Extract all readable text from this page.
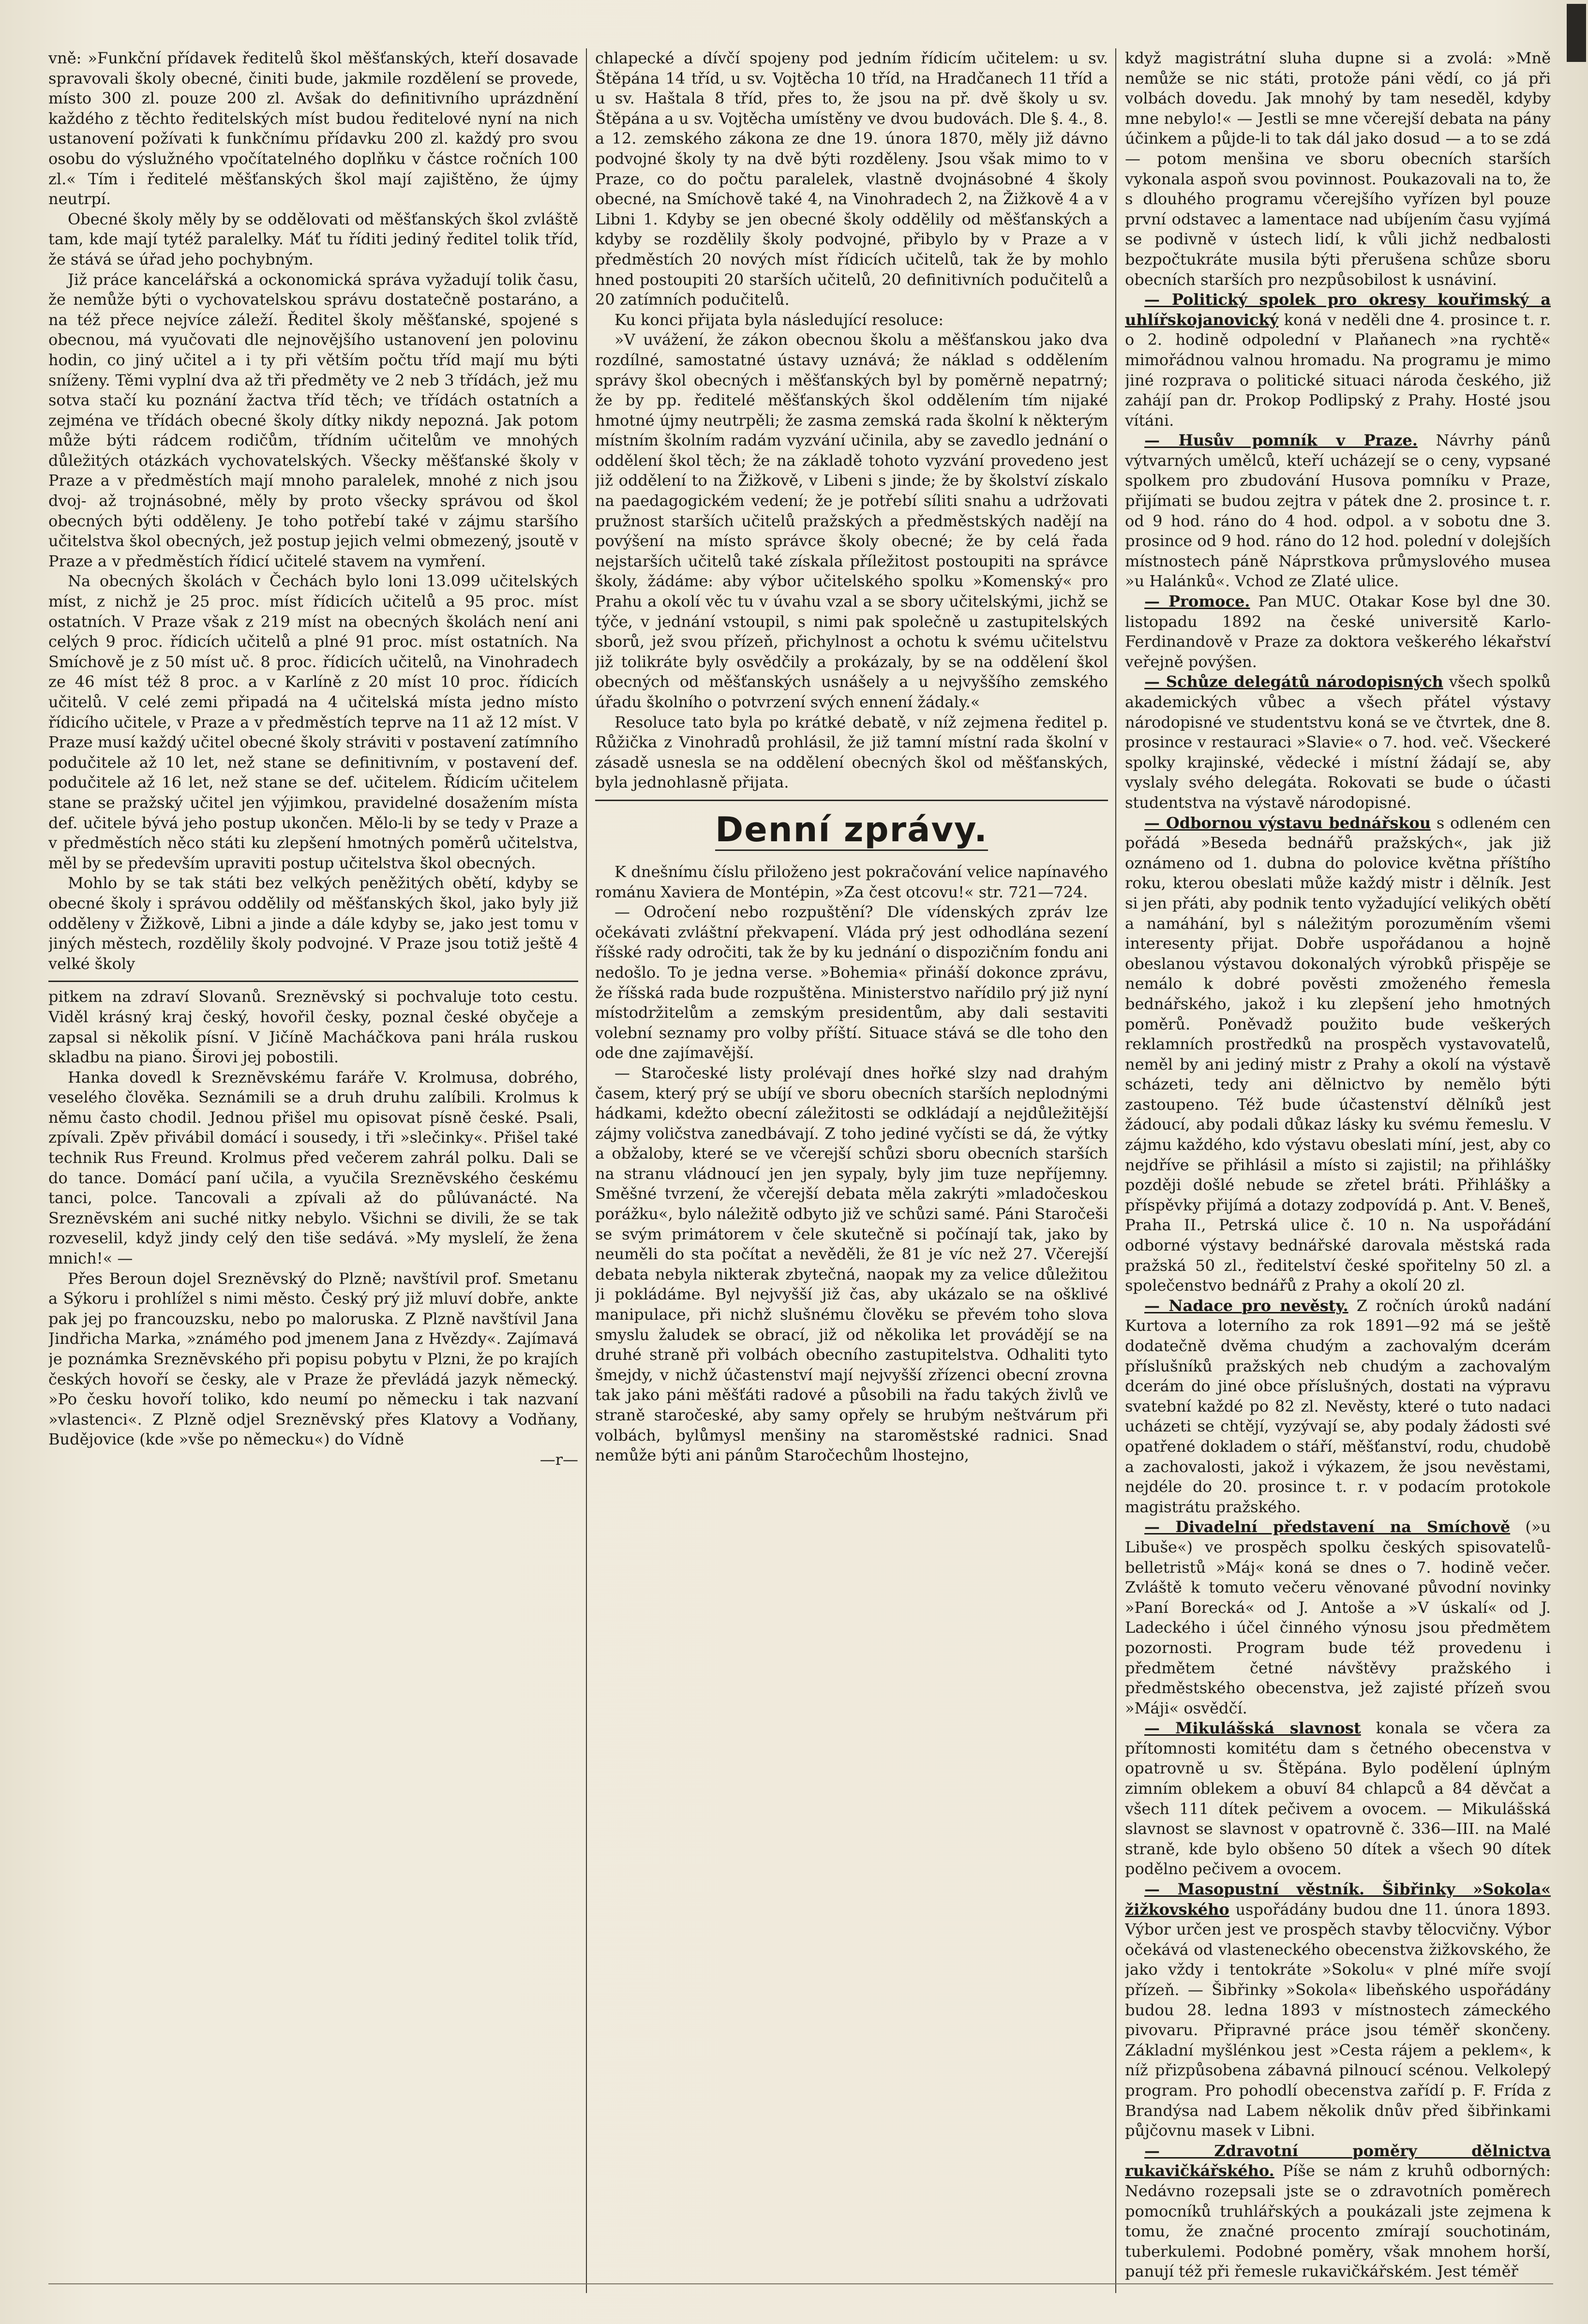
vně: »Funkční přídavek ředitelů škol měšťanských, kteří dosavade spravovali školy obecné, činiti bude, jakmile rozdělení se provede, místo 300 zl. pouze 200 zl. Avšak do definitivního uprázdnění každého z těchto ředitelských míst budou ředitelové nyní na nich ustanovení požívati k funkčnímu přídavku 200 zl. každý pro svou osobu do výslužného vpočítatelného doplňku v částce ročních 100 zl.« Tím i ředitelé měšťanských škol mají zajištěno, že újmy neutrpí.

Obecné školy měly by se oddělovati od měšťanských škol zvláště tam, kde mají tytéž paralelky. Máť tu říditi jediný ředitel tolik tříd, že stává se úřad jeho pochybným.

Již práce kancelářská a ockonomická správa vyžadují tolik času, že nemůže býti o vychovatelskou správu dostatečně postaráno, a na též přece nejvíce záleží. Ředitel školy měšťanské, spojené s obecnou, má vyučovati dle nejnovějšího ustanovení jen polovinu hodin, co jiný učitel a i ty při větším počtu tříd mají mu býti sníženy. Těmi vyplní dva až tři předměty ve 2 neb 3 třídách, jež mu sotva stačí ku poznání žactva tříd těch; ve třídách ostatních a zejména ve třídách obecné školy dítky nikdy nepozná. Jak potom může býti rádcem rodičům, třídním učitelům ve mnohých důležitých otázkách vychovatelských. Všecky měšťanské školy v Praze a v předměstích mají mnoho paralelek, mnohé z nich jsou dvoj- až trojnásobné, měly by proto všecky správou od škol obecných býti odděleny. Je toho potřebí také v zájmu staršího učitelstva škol obecných, jež postup jejich velmi obmezený, jsoutě v Praze a v předměstích řídicí učitelé stavem na vymření.

Na obecných školách v Čechách bylo loni 13.099 učitelských míst, z nichž je 25 proc. míst řídicích učitelů a 95 proc. míst ostatních. V Praze však z 219 míst na obecných školách není ani celých 9 proc. řídicích učitelů a plné 91 proc. míst ostatních. Na Smíchově je z 50 míst uč. 8 proc. řídicích učitelů, na Vinohradech ze 46 míst též 8 proc. a v Karlíně z 20 míst 10 proc. řídicích učitelů. V celé zemi připadá na 4 učitelská místa jedno místo řídicího učitele, v Praze a v předměstích teprve na 11 až 12 míst. V Praze musí každý učitel obecné školy stráviti v postavení zatímního podučitele až 10 let, než stane se definitivním, v postavení def. podučitele až 16 let, než stane se def. učitelem. Řídicím učitelem stane se pražský učitel jen výjimkou, pravidelné dosažením místa def. učitele bývá jeho postup ukončen. Mělo-li by se tedy v Praze a v předměstích něco státi ku zlepšení hmotných poměrů učitelstva, měl by se především upraviti postup učitelstva škol obecných.

Mohlo by se tak státi bez velkých peněžitých obětí, kdyby se obecné školy i správou oddělily od měšťanských škol, jako byly již odděleny v Žižkově, Libni a jinde a dále kdyby se, jako jest tomu v jiných městech, rozdělily školy podvojné. V Praze jsou totiž ještě 4 velké školy

pitkem na zdraví Slovanů. Sreznĕvský si pochvaluje toto cestu. Viděl krásný kraj český, hovořil česky, poznal české obyčeje a zapsal si několik písní. V Jičíně Macháčkova pani hrála ruskou skladbu na piano. Širovi jej pobostili.

Hanka dovedl k Sreznĕvskému faráře V. Krolmusa, dobrého, veselého člověka. Seznámili se a druh druhu zalíbili. Krolmus k němu často chodil. Jednou přišel mu opisovat písně české. Psali, zpívali. Zpěv přivábil domácí i sousedy, i tři »slečinky«. Přišel také technik Rus Freund. Krolmus před večerem zahrál polku. Dali se do tance. Domácí paní učila, a vyučila Sreznĕvského českému tanci, polce. Tancovali a zpívali až do půlúvanácté. Na Sreznĕvském ani suché nitky nebylo. Všichni se divili, že se tak rozveselil, když jindy celý den tiše sedává. »My myslelí, že žena mnich!« —

Přes Beroun dojel Sreznĕvský do Plzně; navštívil prof. Smetanu a Sýkoru i prohlížel s nimi město. Český prý již mluví dobře, ankte pak jej po francouzsku, nebo po maloruska. Z Plzně navštívil Jana Jindřicha Marka, »známého pod jmenem Jana z Hvězdy«. Zajímavá je poznámka Sreznĕvského při popisu pobytu v Plzni, že po krajích českých hovoří se česky, ale v Praze že převládá jazyk německý. »Po česku hovoří toliko, kdo neumí po německu i tak nazvaní »vlastenci«. Z Plzně odjel Sreznĕvský přes Klatovy a Vodňany, Budějovice (kde »vše po německu«) do Vídně

—r—

chlapecké a dívčí spojeny pod jedním řídicím učitelem: u sv. Štěpána 14 tříd, u sv. Vojtěcha 10 tříd, na Hradčanech 11 tříd a u sv. Haštala 8 tříd, přes to, že jsou na př. dvě školy u sv. Štěpána a u sv. Vojtěcha umístěny ve dvou budovách. Dle §. 4., 8. a 12. zemského zákona ze dne 19. února 1870, měly již dávno podvojné školy ty na dvě býti rozděleny. Jsou však mimo to v Praze, co do počtu paralelek, vlastně dvojnásobné 4 školy obecné, na Smíchově také 4, na Vinohradech 2, na Žižkově 4 a v Libni 1. Kdyby se jen obecné školy oddělily od měšťanských a kdyby se rozdělily školy podvojné, přibylo by v Praze a v předměstích 20 nových míst řídicích učitelů, tak že by mohlo hned postoupiti 20 starších učitelů, 20 definitivních podučitelů a 20 zatímních podučitelů.

Ku konci přijata byla následující resoluce:

»V uvážení, že zákon obecnou školu a měšťanskou jako dva rozdílné, samostatné ústavy uznává; že náklad s oddělením správy škol obecných i měšťanských byl by poměrně nepatrný; že by pp. ředitelé měšťanských škol oddělením tím nijaké hmotné újmy neutrpěli; že zasma zemská rada školní k některým místním školním radám vyzvání učinila, aby se zavedlo jednání o oddělení škol těch; že na základě tohoto vyzvání provedeno jest již oddělení to na Žižkově, v Libeni s jinde; že by školství získalo na paedagogickém vedení; že je potřebí síliti snahu a udržovati pružnost starších učitelů pražských a předměstských nadějí na povýšení na místo správce školy obecné; že by celá řada nejstarších učitelů také získala příležitost postoupiti na správce školy, žádáme: aby výbor učitelského spolku »Komenský« pro Prahu a okolí věc tu v úvahu vzal a se sbory učitelskými, jichž se týče, v jednání vstoupil, s nimi pak společně u zastupitelských sborů, jež svou přízeň, přichylnost a ochotu k svému učitelstvu již tolikráte byly osvědčily a prokázaly, by se na oddělení škol obecných od měšťanských usnášely a u nejvyššího zemského úřadu školního o potvrzení svých ennení žádaly.«

Resoluce tato byla po krátké debatě, v níž zejmena ředitel p. Růžička z Vinohradů prohlásil, že již tamní místní rada školní v zásadě usnesla se na oddělení obecných škol od měšťanských, byla jednohlasně přijata.

Denní zprávy.

K dnešnímu číslu přiloženo jest pokračování velice napínavého románu Xaviera de Montépin, »Za čest otcovu!« str. 721—724.

— Odročení nebo rozpuštění? Dle vídenských zpráv lze očekávati zvláštní překvapení. Vláda prý jest odhodlána sezení říšské rady odročiti, tak že by ku jednání o dispozičním fondu ani nedošlo. To je jedna verse. »Bohemia« přináší dokonce zprávu, že říšská rada bude rozpuštěna. Ministerstvo nařídilo prý již nyní místodržitelům a zemským presidentům, aby dali sestaviti volební seznamy pro volby příští. Situace stává se dle toho den ode dne zajímavější.

— Staročeské listy prolévají dnes hořké slzy nad drahým časem, který prý se ubíjí ve sboru obecních starších neplodnými hádkami, kdežto obecní záležitosti se odkládají a nejdůležitější zájmy voličstva zanedbávají. Z toho jediné vyčísti se dá, že výtky a obžaloby, které se ve včerejší schůzi sboru obecních starších na stranu vládnoucí jen jen sypaly, byly jim tuze nepříjemny. Směšné tvrzení, že včerejší debata měla zakrýti »mladočeskou porážku«, bylo náležitě odbyto již ve schůzi samé. Páni Staročeši se svým primátorem v čele skutečně si počínají tak, jako by neuměli do sta počítat a nevěděli, že 81 je víc než 27. Včerejší debata nebyla nikterak zbytečná, naopak my za velice důležitou ji pokládáme. Byl nejvyšší již čas, aby ukázalo se na ošklivé manipulace, při nichž slušnému člověku se převém toho slova smyslu žaludek se obrací, již od několika let provádějí se na druhé straně při volbách obecního zastupitelstva. Odhaliti tyto šmejdy, v nichž účastenství mají nejvyšší zřízenci obecní zrovna tak jako páni měšťáti radové a působili na řadu takých živlů ve straně staročeské, aby samy opřely se hrubým neštvárum při volbách, bylůmysl menšiny na staroměstské radnici. Snad nemůže býti ani pánům Staročechům lhostejno,

když magistrátní sluha dupne si a zvolá: »Mně nemůže se nic státi, protože páni vědí, co já při volbách dovedu. Jak mnohý by tam neseděl, kdyby mne nebylo!« — Jestli se mne včerejší debata na pány účinkem a půjde-li to tak dál jako dosud — a to se zdá — potom menšina ve sboru obecních starších vykonala aspoň svou povinnost. Poukazovali na to, že s dlouhého programu včerejšího vyřízen byl pouze první odstavec a lamentace nad ubíjením času vyjímá se podivně v ústech lidí, k vůli jichž nedbalosti bezpočtukráte musila býti přerušena schůze sboru obecních starších pro nezpůsobilost k usnáviní.

— Politický spolek pro okresy kouřimský a uhlířskojanovický koná v neděli dne 4. prosince t. r. o 2. hodině odpolední v Plaňanech »na rychtě« mimořádnou valnou hromadu. Na programu je mimo jiné rozprava o politické situaci národa českého, již zahájí pan dr. Prokop Podlipský z Prahy. Hosté jsou vítáni.

— Husův pomník v Praze. Návrhy pánů výtvarných umělců, kteří ucházejí se o ceny, vypsané spolkem pro zbudování Husova pomníku v Praze, přijímati se budou zejtra v pátek dne 2. prosince t. r. od 9 hod. ráno do 4 hod. odpol. a v sobotu dne 3. prosince od 9 hod. ráno do 12 hod. polední v dolejších místnostech páně Náprstkova průmyslového musea »u Halánků«. Vchod ze Zlaté ulice.

— Promoce. Pan MUC. Otakar Kose byl dne 30. listopadu 1892 na české universitě Karlo-Ferdinandově v Praze za doktora veškerého lékařství veřejně povýšen.

— Schůze delegátů národopisných všech spolků akademických vůbec a všech přátel výstavy národopisné ve studentstvu koná se ve čtvrtek, dne 8. prosince v restauraci »Slavie« o 7. hod. več. Všeckeré spolky krajinské, vědecké i místní žádají se, aby vyslaly svého delegáta. Rokovati se bude o účasti studentstva na výstavě národopisné.

— Odbornou výstavu bednářskou s odleném cen pořádá »Beseda bednářů pražských«, jak již oznámeno od 1. dubna do polovice května příštího roku, kterou obeslati může každý mistr i dělník. Jest si jen přáti, aby podnik tento vyžadující velikých obětí a namáhání, byl s náležitým porozuměním všemi interesenty přijat. Dobře uspořádanou a hojně obeslanou výstavou dokonalých výrobků přispěje se nemálo k dobré pověsti zmoženého řemesla bednářského, jakož i ku zlepšení jeho hmotných poměrů. Poněvadž použito bude veškerých reklamních prostředků na prospěch vystavovatelů, neměl by ani jediný mistr z Prahy a okolí na výstavě scházeti, tedy ani dělnictvo by nemělo býti zastoupeno. Též bude účastenství dělníků jest žádoucí, aby podali důkaz lásky ku svému řemeslu. V zájmu každého, kdo výstavu obeslati míní, jest, aby co nejdříve se přihlásil a místo si zajistil; na přihlášky později došlé nebude se zřetel bráti. Přihlášky a příspěvky přijímá a dotazy zodpovídá p. Ant. V. Beneš, Praha II., Petrská ulice č. 10 n. Na uspořádání odborné výstavy bednářské darovala městská rada pražská 50 zl., ředitelství české spořitelny 50 zl. a společenstvo bednářů z Prahy a okolí 20 zl.

— Nadace pro nevěsty. Z ročních úroků nadání Kurtova a loterního za rok 1891—92 má se ještě dodatečně dvěma chudým a zachovalým dcerám příslušníků pražských neb chudým a zachovalým dcerám do jiné obce příslušných, dostati na výpravu svatební každé po 82 zl. Nevěsty, které o tuto nadaci ucházeti se chtějí, vyzývají se, aby podaly žádosti své opatřené dokladem o stáří, měšťanství, rodu, chudobě a zachovalosti, jakož i výkazem, že jsou nevěstami, nejdéle do 20. prosince t. r. v podacím protokole magistrátu pražského.

— Divadelní představení na Smíchově (»u Libuše«) ve prospěch spolku českých spisovatelů-belletristů »Máj« koná se dnes o 7. hodině večer. Zvláště k tomuto večeru věnované původní novinky »Paní Borecká« od J. Antoše a »V úskalí« od J. Ladeckého i účel činného výnosu jsou předmětem pozornosti. Program bude též provedenu i předmětem četné návštěvy pražského i předměstského obecenstva, jež zajisté přízeň svou »Máji« osvědčí.

— Mikulášská slavnost konala se včera za přítomnosti komitétu dam s četného obecenstva v opatrovně u sv. Štěpána. Bylo podělení úplným zimním oblekem a obuví 84 chlapců a 84 děvčat a všech 111 dítek pečivem a ovocem. — Mikulášská slavnost se slavnost v opatrovně č. 336—III. na Malé straně, kde bylo obšeno 50 dítek a všech 90 dítek podělno pečivem a ovocem.

— Masopustní věstník. Šibřinky »Sokola« žižkovského uspořádány budou dne 11. února 1893. Výbor určen jest ve prospěch stavby tělocvičny. Výbor očekává od vlasteneckého obecenstva žižkovského, že jako vždy i tentokráte »Sokolu« v plné míře svojí přízeň. — Šibřinky »Sokola« libeňského uspořádány budou 28. ledna 1893 v místnostech zámeckého pivovaru. Připravné práce jsou téměř skončeny. Základní myšlénkou jest »Cesta rájem a peklem«, k níž přizpůsobena zábavná pilnoucí scénou. Velkolepý program. Pro pohodlí obecenstva zařídí p. F. Frída z Brandýsa nad Labem několik dnův před šibřinkami půjčovnu masek v Libni.

— Zdravotní poměry dělnictva rukavičkářského. Píše se nám z kruhů odborných: Nedávno rozepsali jste se o zdravotních poměrech pomocníků truhlářských a poukázali jste zejmena k tomu, že značné procento zmírají souchotinám, tuberkulemi. Podobné poměry, však mnohem horší, panují též při řemesle rukavičkářském. Jest téměř
